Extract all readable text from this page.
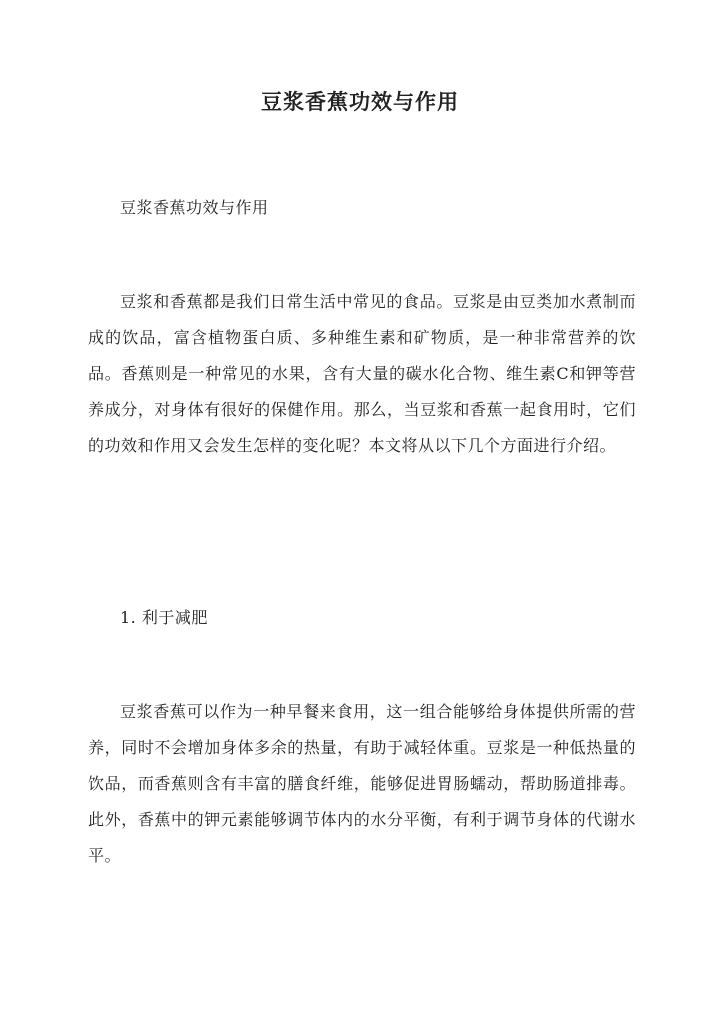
豆浆香蕉功效与作用

豆浆香蕉功效与作用

豆浆和香蕉都是我们日常生活中常见的食品。豆浆是由豆类加水煮制而成的饮品，富含植物蛋白质、多种维生素和矿物质，是一种非常营养的饮品。香蕉则是一种常见的水果，含有大量的碳水化合物、维生素C和钾等营养成分，对身体有很好的保健作用。那么，当豆浆和香蕉一起食用时，它们的功效和作用又会发生怎样的变化呢？本文将从以下几个方面进行介绍。

1. 利于减肥

豆浆香蕉可以作为一种早餐来食用，这一组合能够给身体提供所需的营养，同时不会增加身体多余的热量，有助于减轻体重。豆浆是一种低热量的饮品，而香蕉则含有丰富的膳食纤维，能够促进胃肠蠕动，帮助肠道排毒。此外，香蕉中的钾元素能够调节体内的水分平衡，有利于调节身体的代谢水平。
